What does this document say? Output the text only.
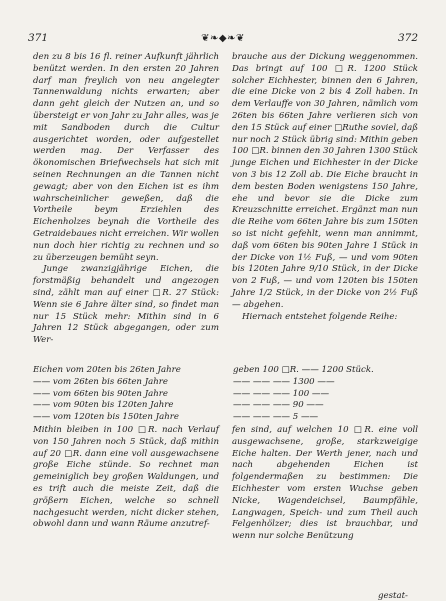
371	❦❧◆❧❦	372

den zu 8 bis 16 fl. reiner Aufkunft jährlich benützt werden. In den ersten 20 Jahren darf man freylich von neu angelegter Tannenwaldung nichts erwarten; aber dann geht gleich der Nutzen an, und so übersteigt er von Jahr zu Jahr alles, was je mit Sandboden durch die Cultur ausgerichtet worden, oder aufgestellet werden mag. Der Verfasser des ökonomischen Briefwechsels hat sich mit seinen Rechnungen an die Tannen nicht gewagt; aber von den Eichen ist es ihm wahrscheinlicher geweßen, daß die Vortheile beym Erziehlen des Eichenholzes beynah die Vortheile des Getraidebaues nicht erreichen. Wir wollen nun doch hier richtig zu rechnen und so zu überzeugen bemüht seyn.

Junge zwanzigjährige Eichen, die forstmäßig behandelt und angezogen sind, zählt man auf einer □R. 27 Stück: Wenn sie 6 Jahre älter sind, so findet man nur 15 Stück mehr: Mithin sind in 6 Jahren 12 Stück abgegangen, oder zum Wer-

brauche aus der Dickung weggenommen. Das bringt auf 100 □R. 1200 Stück solcher Eichhester, binnen den 6 Jahren, die eine Dicke von 2 bis 4 Zoll haben. In dem Verlauffe von 30 Jahren, nämlich vom 26ten bis 66ten Jahre verlieren sich von den 15 Stück auf einer □Ruthe soviel, daß nur noch 2 Stück übrig sind: Mithin geben 100 □R. binnen den 30 Jahren 1300 Stück junge Eichen und Eichhester in der Dicke von 3 bis 12 Zoll ab. Die Eiche braucht in dem besten Boden wenigstens 150 Jahre, ehe und bevor sie die Dicke zum Kreuzschnitte erreichet. Ergänzt man nun die Reihe vom 66ten Jahre bis zum 150ten so ist nicht gefehlt, wenn man annimmt, daß vom 66ten bis 90ten Jahre 1 Stück in der Dicke von 1½ Fuß, — und vom 90ten bis 120ten Jahre 9/10 Stück, in der Dicke von 2 Fuß, — und vom 120ten bis 150ten Jahre 1/2 Stück, in der Dicke von 2½ Fuß — abgehen.

Hiernach entstehet folgende Reihe:

Eichen vom 20ten bis 26ten Jahre	geben 100 □R. —— 1200 Stück.
—— vom 26ten bis 66ten Jahre	—— —— —— 1300 ——
—— vom 66ten bis 90ten Jahre	—— —— —— 100 ——
—— vom 90ten bis 120ten Jahre	—— —— —— 90 ——
—— vom 120ten bis 150ten Jahre	—— —— —— 5 ——

Mithin bleiben in 100 □R. nach Verlauf von 150 Jahren noch 5 Stück, daß mithin auf 20 □R. dann eine voll ausgewachsene große Eiche stünde. So rechnet man gemeiniglich bey großen Waldungen, und es trift auch die meiste Zeit, daß die größern Eichen, welche so schnell nachgesucht werden, nicht dicker stehen, obwohl dann und wann Räume anzutref-

fen sind, auf welchen 10 □R. eine voll ausgewachsene, große, starkzweigige Eiche halten. Der Werth jener, nach und nach abgehenden Eichen ist folgendermaßen zu bestimmen: Die Eichhester vom ersten Wuchse geben Nicke, Wagendeichsel, Baumpfähle, Langwagen, Speich- und zum Theil auch Felgenhölzer; dies ist brauchbar, und wenn nur solche Benützung

gestat-
